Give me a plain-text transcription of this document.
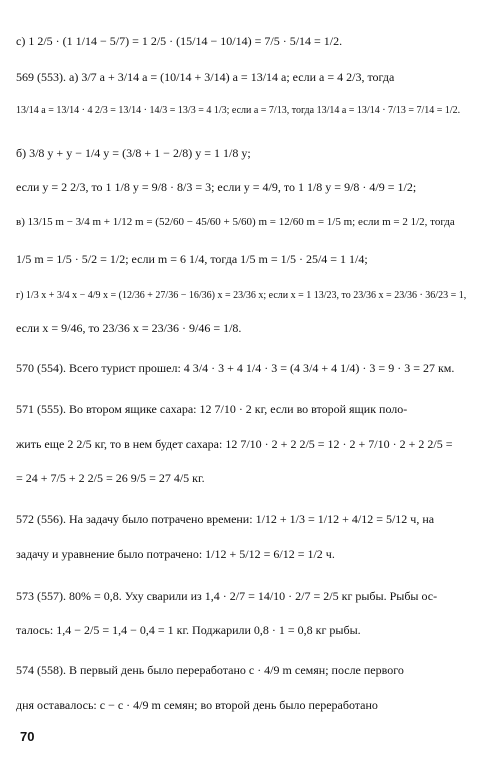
с) 1 2/5 · (1 1/14 − 5/7) = 1 2/5 · (15/14 − 10/14) = 7/5 · 5/14 = 1/2.
569 (553). а) 3/7 a + 3/14 a = (10/14 + 3/14) a = 13/14 a; если a = 4 2/3, тогда
13/14 a = 13/14 · 4 2/3 = 13/14 · 14/3 = 13/3 = 4 1/3; если a = 7/13, тогда 13/14 a = 13/14 · 7/13 = 7/14 = 1/2.
б) 3/8 y + y − 1/4 y = (3/8 + 1 − 2/8) y = 1 1/8 y;
если y = 2 2/3, то 1 1/8 y = 9/8 · 8/3 = 3; если y = 4/9, то 1 1/8 y = 9/8 · 4/9 = 1/2;
в) 13/15 m − 3/4 m + 1/12 m = (52/60 − 45/60 + 5/60) m = 12/60 m = 1/5 m; если m = 2 1/2, тогда
1/5 m = 1/5 · 5/2 = 1/2; если m = 6 1/4, тогда 1/5 m = 1/5 · 25/4 = 1 1/4;
г) 1/3 x + 3/4 x − 4/9 x = (12/36 + 27/36 − 16/36) x = 23/36 x; если x = 1 13/23, то 23/36 x = 23/36 · 36/23 = 1,
если x = 9/46, то 23/36 x = 23/36 · 9/46 = 1/8.
570 (554). Всего турист прошел: 4 3/4 · 3 + 4 1/4 · 3 = (4 3/4 + 4 1/4) · 3 = 9 · 3 = 27 км.
571 (555). Во втором ящике сахара: 12 7/10 · 2 кг, если во второй ящик поло-
жить еще 2 2/5 кг, то в нем будет сахара: 12 7/10 · 2 + 2 2/5 = 12 · 2 + 7/10 · 2 + 2 2/5 =
= 24 + 7/5 + 2 2/5 = 26 9/5 = 27 4/5 кг.
572 (556). На задачу было потрачено времени: 1/12 + 1/3 = 1/12 + 4/12 = 5/12 ч, на
задачу и уравнение было потрачено: 1/12 + 5/12 = 6/12 = 1/2 ч.
573 (557). 80% = 0,8. Уху сварили из 1,4 · 2/7 = 14/10 · 2/7 = 2/5 кг рыбы. Рыбы ос-
талось: 1,4 − 2/5 = 1,4 − 0,4 = 1 кг. Поджарили 0,8 · 1 = 0,8 кг рыбы.
574 (558). В первый день было переработано c · 4/9 m семян; после первого
дня оставалось: c − c · 4/9 m семян; во второй день было переработано
70
